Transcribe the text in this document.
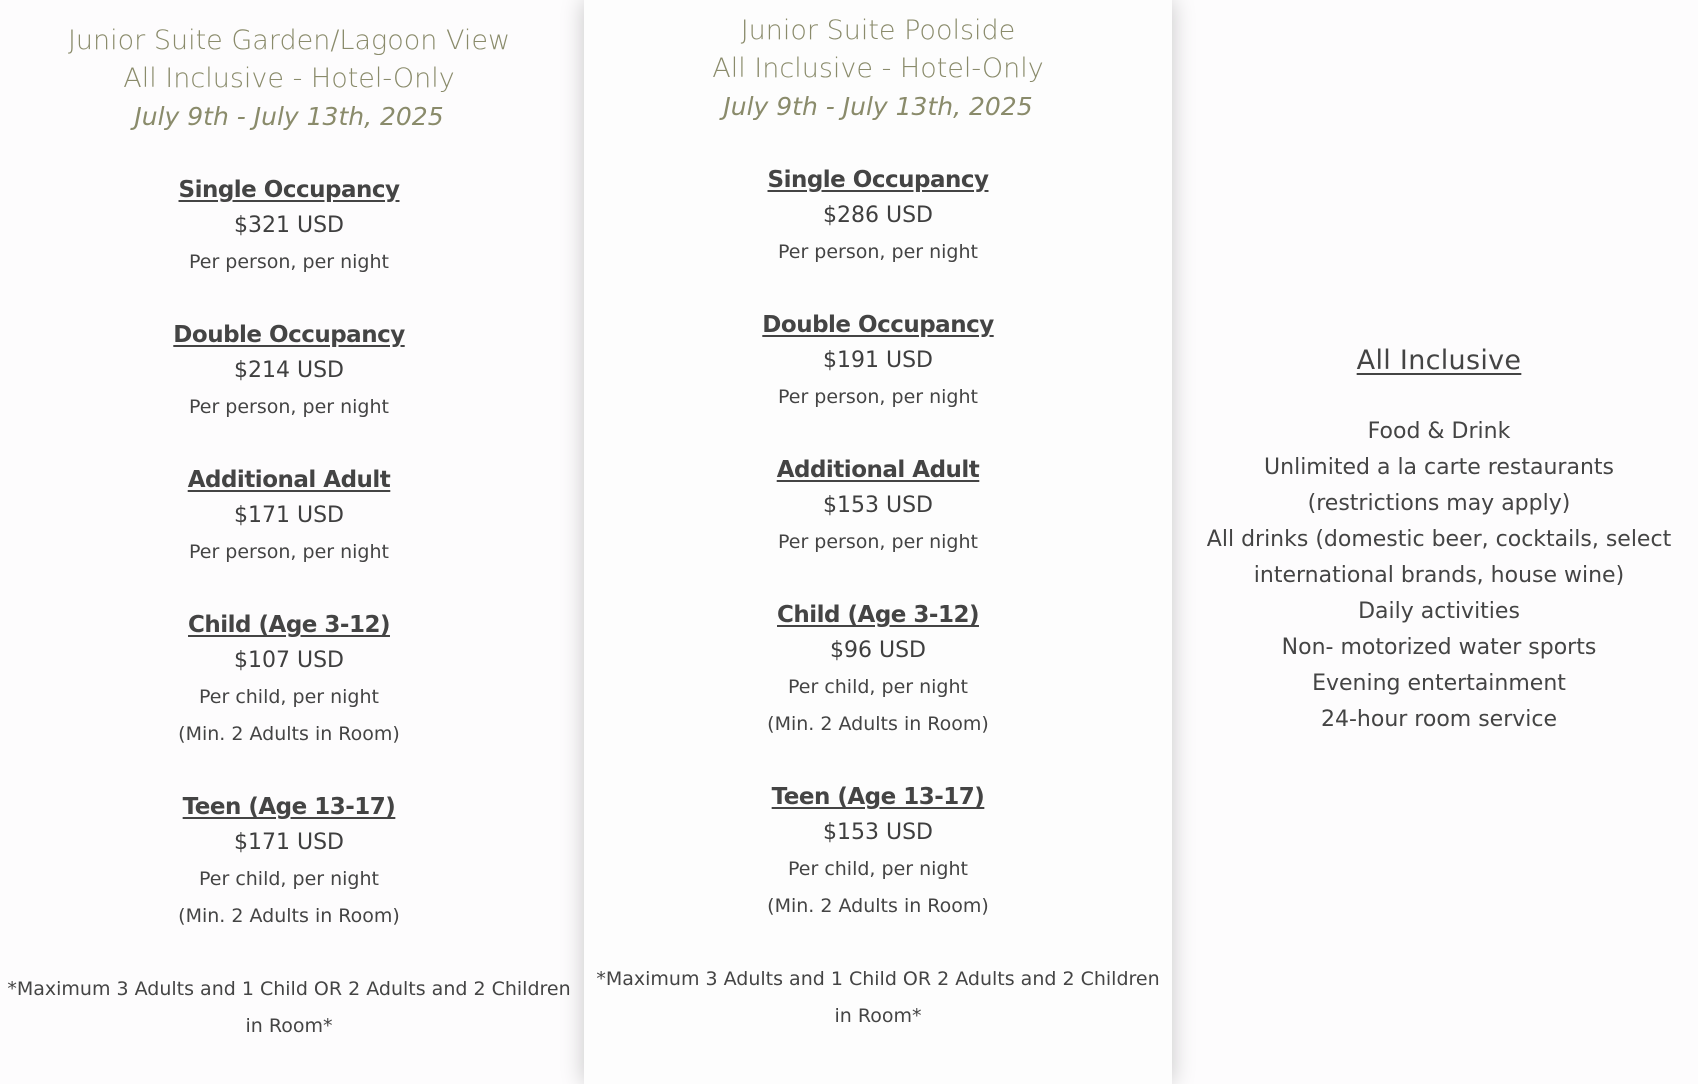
Junior Suite Garden/Lagoon View
All Inclusive - Hotel-Only
July 9th - July 13th, 2025
Single Occupancy
$321 USD
Per person, per night
Double Occupancy
$214 USD
Per person, per night
Additional Adult
$171 USD
Per person, per night
Child (Age 3-12)
$107 USD
Per child, per night
(Min. 2 Adults in Room)
Teen (Age 13-17)
$171 USD
Per child, per night
(Min. 2 Adults in Room)
*Maximum 3 Adults and 1 Child OR 2 Adults and 2 Children in Room*
Junior Suite Poolside
All Inclusive - Hotel-Only
July 9th - July 13th, 2025
Single Occupancy
$286 USD
Per person, per night
Double Occupancy
$191 USD
Per person, per night
Additional Adult
$153 USD
Per person, per night
Child (Age 3-12)
$96 USD
Per child, per night
(Min. 2 Adults in Room)
Teen (Age 13-17)
$153 USD
Per child, per night
(Min. 2 Adults in Room)
*Maximum 3 Adults and 1 Child OR 2 Adults and 2 Children in Room*
All Inclusive
Food & Drink
Unlimited a la carte restaurants
(restrictions may apply)
All drinks (domestic beer, cocktails, select
international brands, house wine)
Daily activities
Non- motorized water sports
Evening entertainment
24-hour room service
